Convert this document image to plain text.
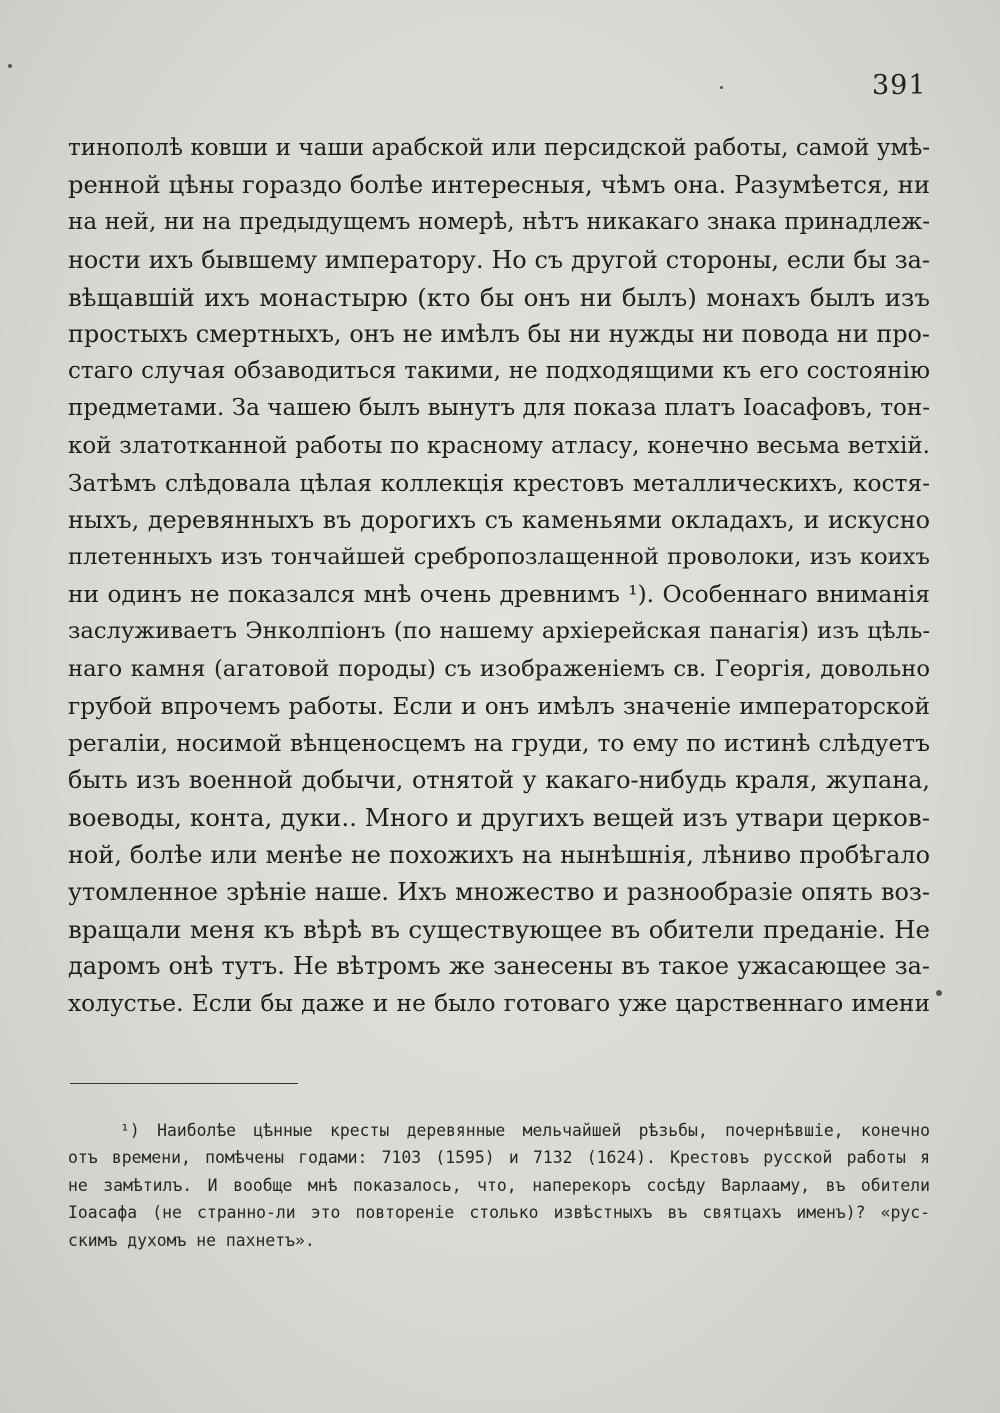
391
тинополѣ ковши и чаши арабской или персидской работы, самой умѣ-
ренной цѣны гораздо болѣе интересныя, чѣмъ она. Разумѣется, ни
на ней, ни на предыдущемъ номерѣ, нѣтъ никакаго знака принадлеж-
ности ихъ бывшему императору. Но съ другой стороны, если бы за-
вѣщавшій ихъ монастырю (кто бы онъ ни былъ) монахъ былъ изъ
простыхъ смертныхъ, онъ не имѣлъ бы ни нужды ни повода ни про-
стаго случая обзаводиться такими, не подходящими къ его состоянію
предметами. За чашею былъ вынутъ для показа платъ Іоасафовъ, тон-
кой златотканной работы по красному атласу, конечно весьма ветхій.
Затѣмъ слѣдовала цѣлая коллекція крестовъ металлическихъ, костя-
ныхъ, деревянныхъ въ дорогихъ съ каменьями окладахъ, и искусно
плетенныхъ изъ тончайшей сребропозлащенной проволоки, изъ коихъ
ни одинъ не показался мнѣ очень древнимъ ¹). Особеннаго вниманія
заслуживаетъ Энколпіонъ (по нашему архіерейская панагія) изъ цѣль-
наго камня (агатовой породы) съ изображеніемъ св. Георгія, довольно
грубой впрочемъ работы. Если и онъ имѣлъ значеніе императорской
регаліи, носимой вѣнценосцемъ на груди, то ему по истинѣ слѣдуетъ
быть изъ военной добычи, отнятой у какаго-нибудь краля, жупана,
воеводы, конта, дуки.. Много и другихъ вещей изъ утвари церков-
ной, болѣе или менѣе не похожихъ на нынѣшнія, лѣниво пробѣгало
утомленное зрѣніе наше. Ихъ множество и разнообразіе опять воз-
вращали меня къ вѣрѣ въ существующее въ обители преданіе. Не
даромъ онѣ тутъ. Не вѣтромъ же занесены въ такое ужасающее за-
холустье. Если бы даже и не было готоваго уже царственнаго имени
¹) Наиболѣе цѣнные кресты деревянные мельчайшей рѣзьбы, почернѣвшіе, конечно
отъ времени, помѣчены годами: 7103 (1595) и 7132 (1624). Крестовъ русской работы я
не замѣтилъ. И вообще мнѣ показалось, что, наперекоръ сосѣду Варлааму, въ обители
Іоасафа (не странно-ли это повтореніе столько извѣстныхъ въ святцахъ именъ)? «рус-
скимъ духомъ не пахнетъ».
